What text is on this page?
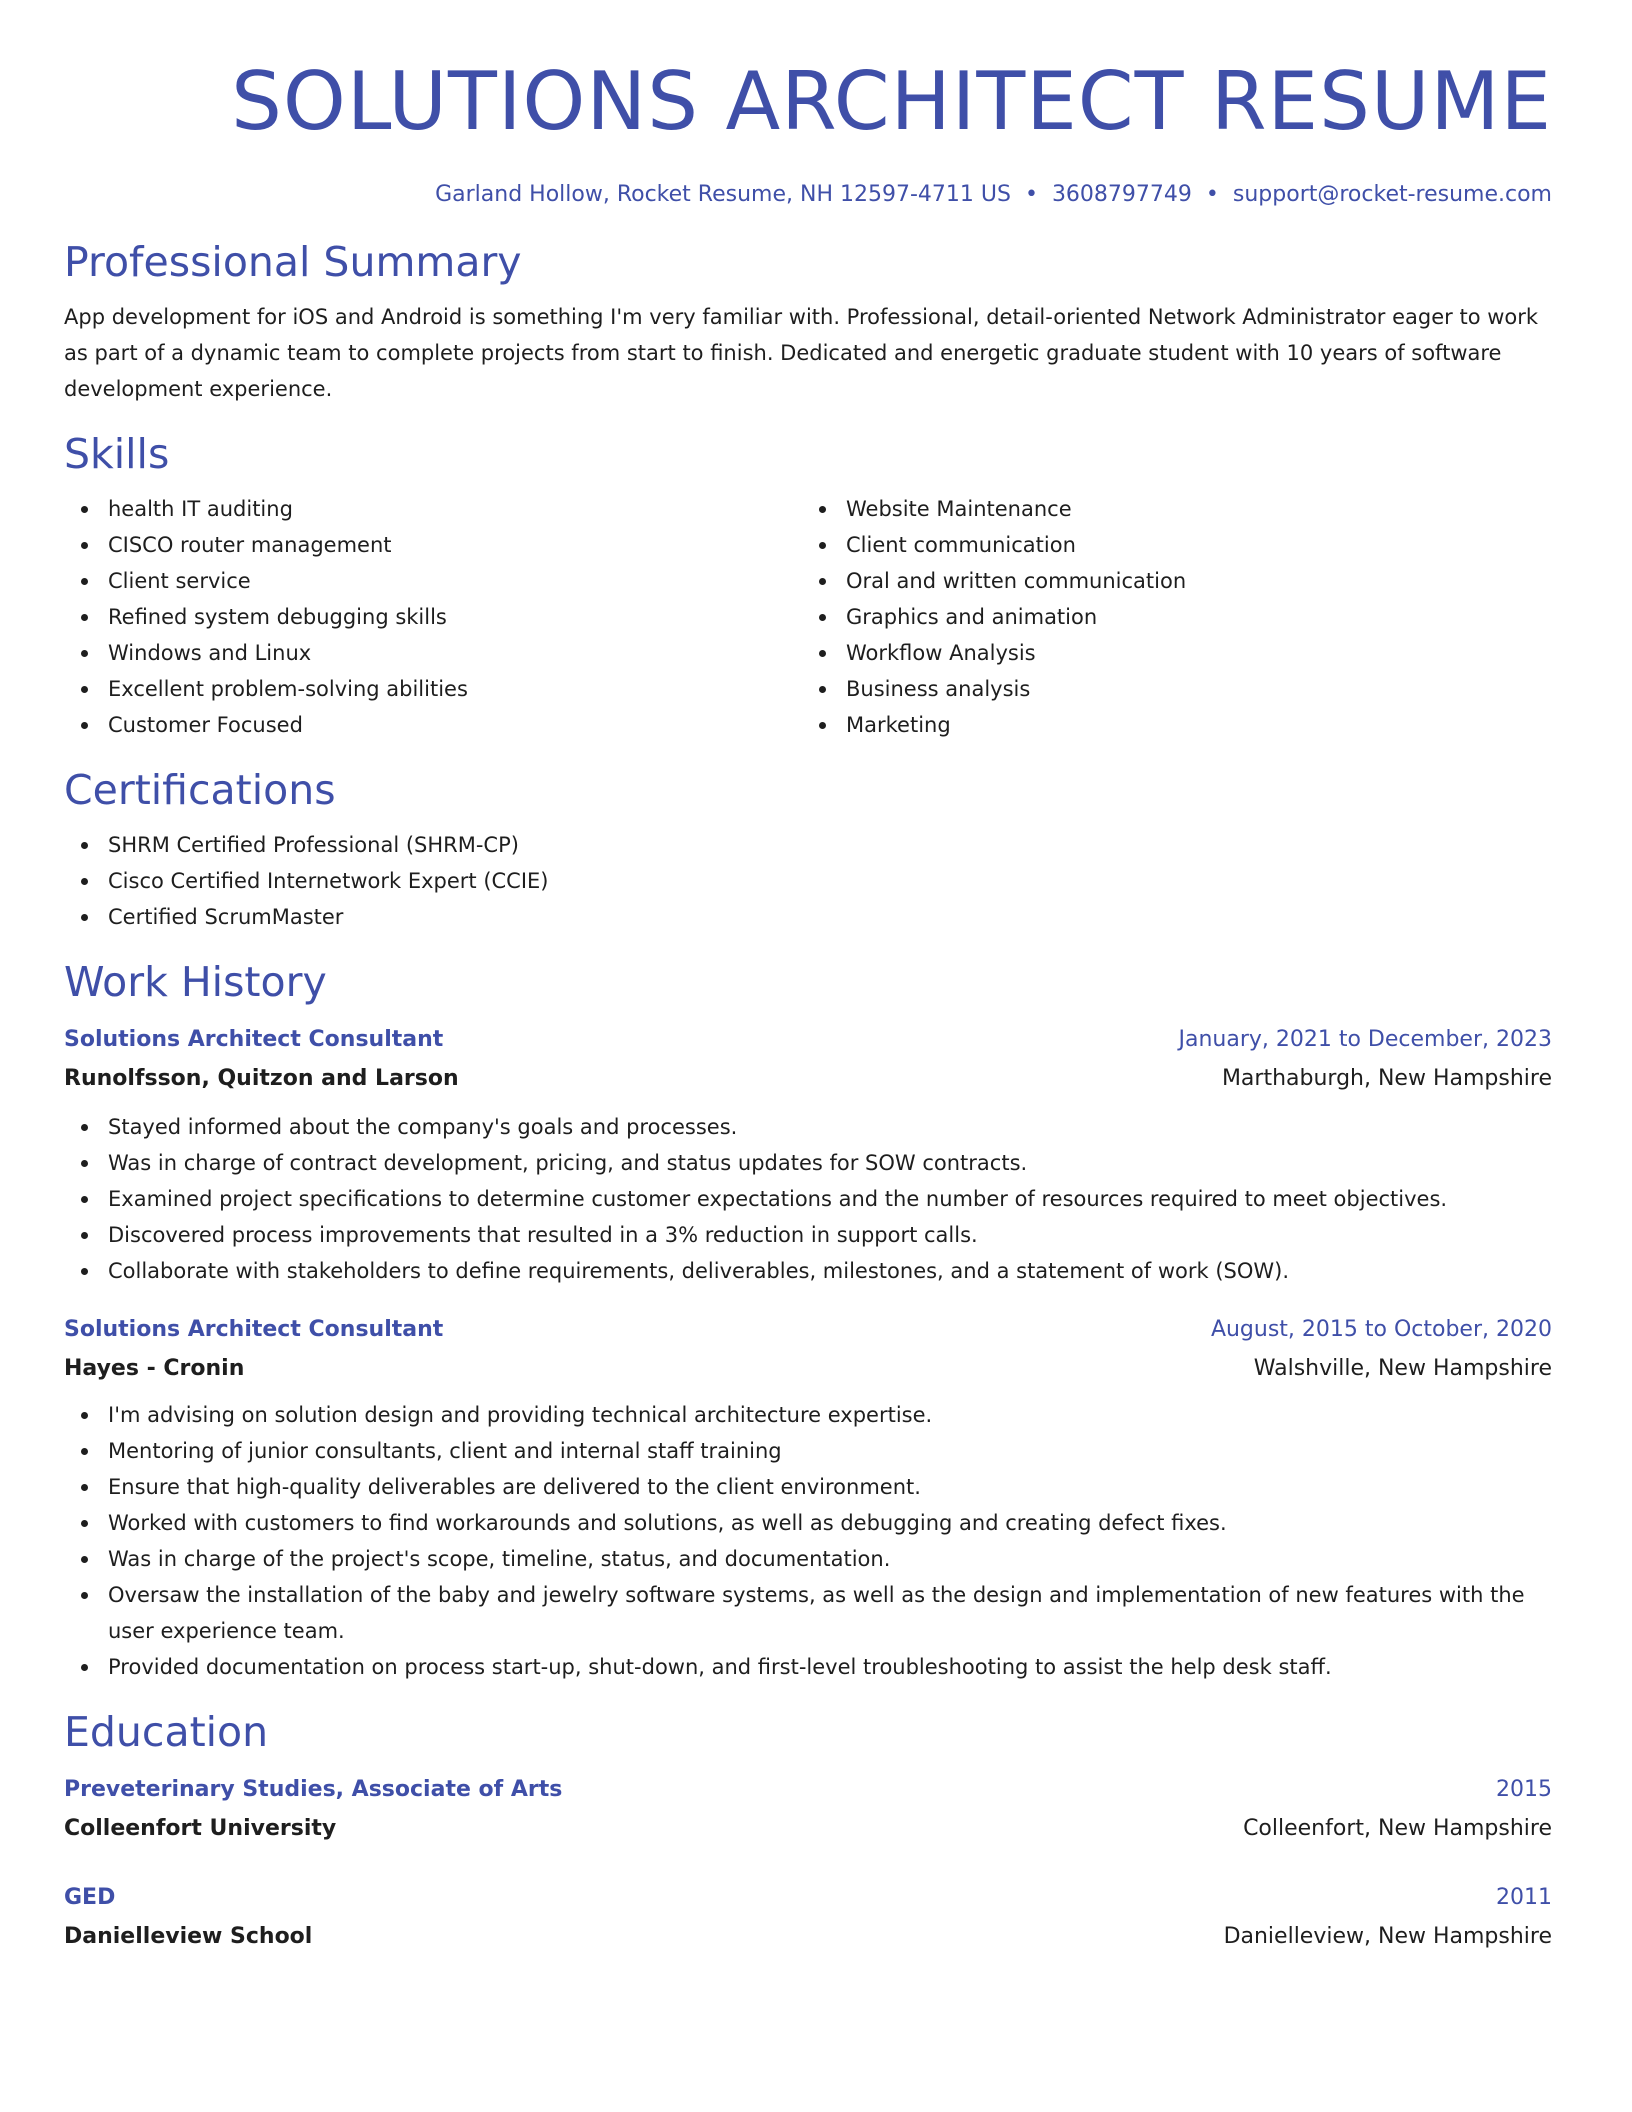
SOLUTIONS ARCHITECT RESUME
Garland Hollow, Rocket Resume, NH 12597-4711 US • 3608797749 • support@rocket-resume.com
Professional Summary

App development for iOS and Android is something I'm very familiar with. Professional, detail-oriented Network Administrator eager to work as part of a dynamic team to complete projects from start to finish. Dedicated and energetic graduate student with 10 years of software development experience.

Skills
health IT auditing
CISCO router management
Client service
Refined system debugging skills
Windows and Linux
Excellent problem-solving abilities
Customer Focused
Website Maintenance
Client communication
Oral and written communication
Graphics and animation
Workflow Analysis
Business analysis
Marketing
Certifications
SHRM Certified Professional (SHRM-CP)
Cisco Certified Internetwork Expert (CCIE)
Certified ScrumMaster
Work History
Solutions Architect Consultant	January, 2021 to December, 2023
Runolfsson, Quitzon and Larson	Marthaburgh, New Hampshire
Stayed informed about the company's goals and processes.
Was in charge of contract development, pricing, and status updates for SOW contracts.
Examined project specifications to determine customer expectations and the number of resources required to meet objectives.
Discovered process improvements that resulted in a 3% reduction in support calls.
Collaborate with stakeholders to define requirements, deliverables, milestones, and a statement of work (SOW).
Solutions Architect Consultant	August, 2015 to October, 2020
Hayes - Cronin	Walshville, New Hampshire
I'm advising on solution design and providing technical architecture expertise.
Mentoring of junior consultants, client and internal staff training
Ensure that high-quality deliverables are delivered to the client environment.
Worked with customers to find workarounds and solutions, as well as debugging and creating defect fixes.
Was in charge of the project's scope, timeline, status, and documentation.
Oversaw the installation of the baby and jewelry software systems, as well as the design and implementation of new features with the user experience team.
Provided documentation on process start-up, shut-down, and first-level troubleshooting to assist the help desk staff.
Education
Preveterinary Studies, Associate of Arts	2015
Colleenfort University	Colleenfort, New Hampshire
GED	2011
Danielleview School	Danielleview, New Hampshire
